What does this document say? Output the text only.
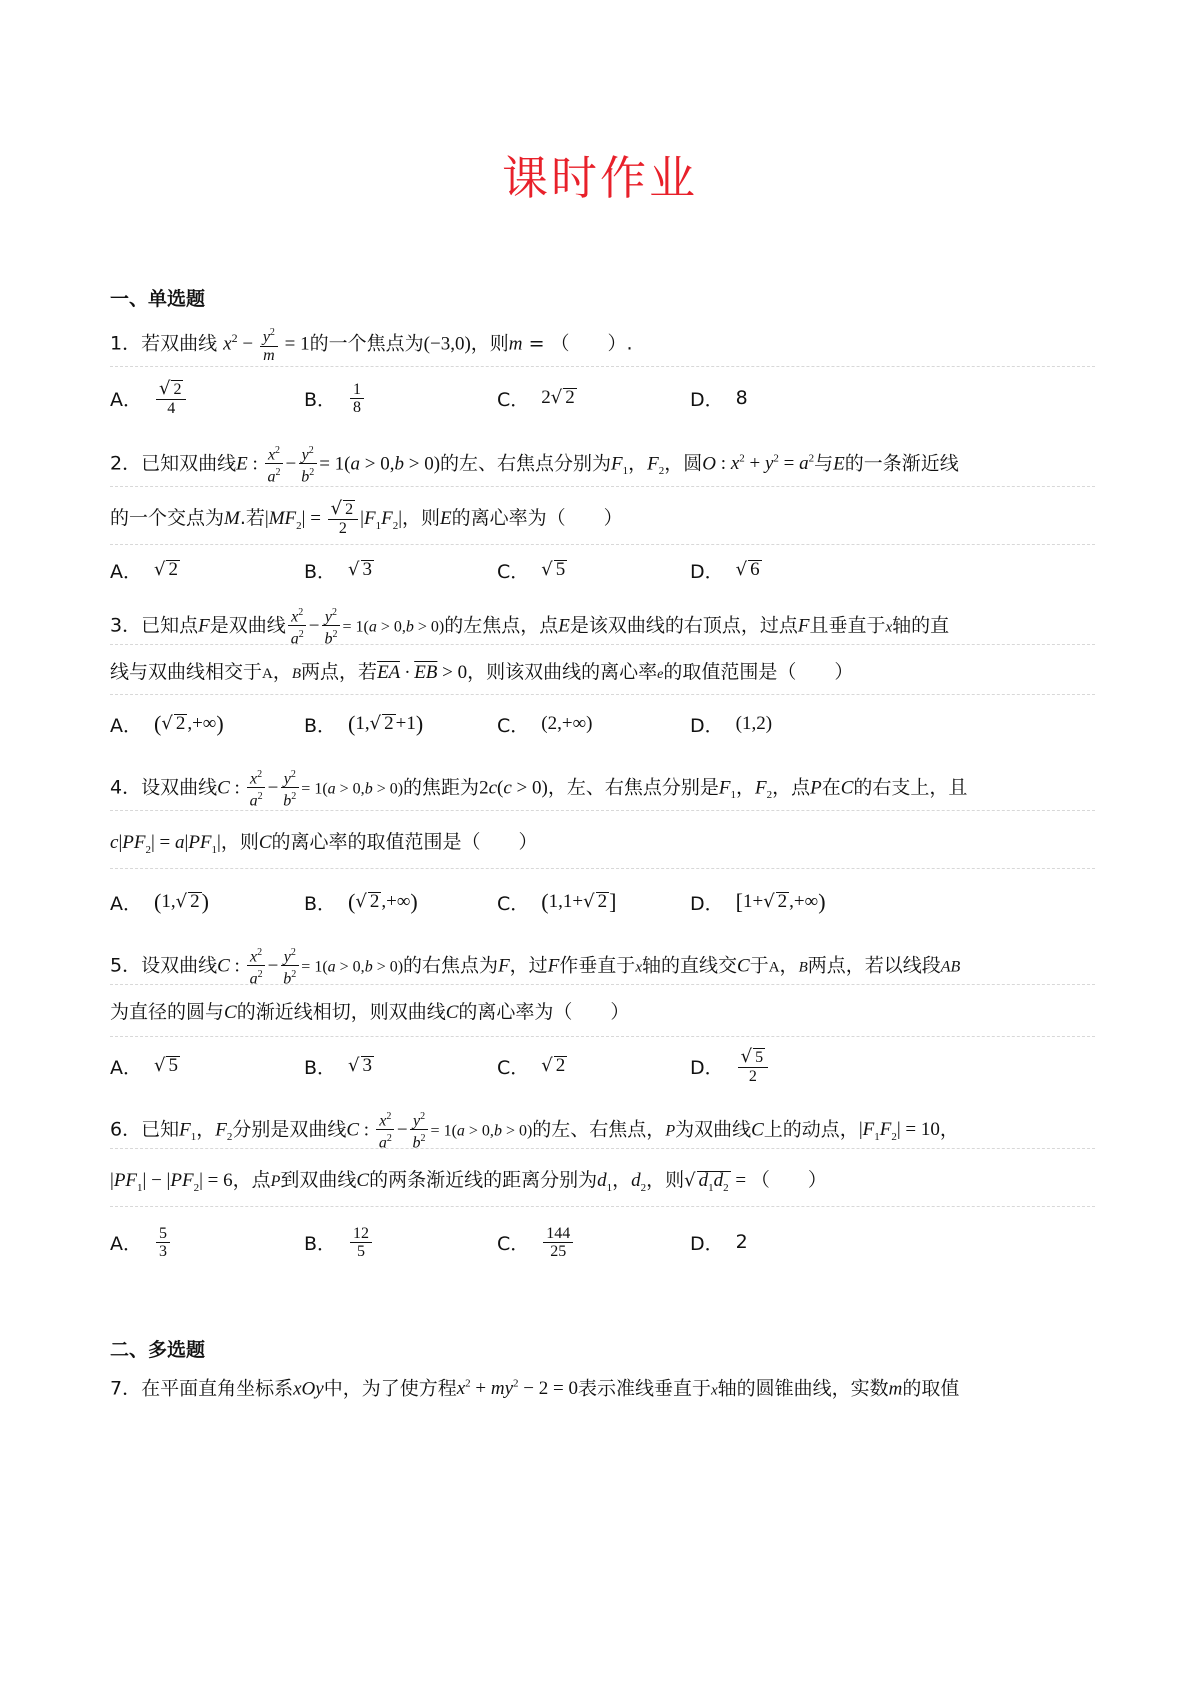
课时作业
一、单选题
1．若双曲线 $x^2 - \frac{y^2}{m} = 1$的一个焦点为(−3,0)，则m = （　　）.
A．
√ 2
4	B． 1
8	C． 2√ 2	D． 8
2．已知双曲线E : $\frac{x^2}{a^2} - \frac{y^2}{b^2} = 1(a > 0,b > 0)$的左、右焦点分别为$F_1$，$F_2$，圆O : $x^2 + y^2 = a^2$与E的一条渐近线
的一个交点为M.若$|MF_2| = \frac{√ 2}{2} |F_1F_2|$，则E的离心率为（　　）
A． √ 2	B． √ 3	C． √ 5	D． √ 6
3．已知点F是双曲线 $\frac{x^2}{a^2} - \frac{y^2}{b^2} = 1(a > 0,b > 0)$的左焦点，点E是该双曲线的右顶点，过点F且垂直于x轴的直
线与双曲线相交于A，B两点，若$\overline{EA} \cdot \overline{EB} > 0$，则该双曲线的离心率e的取值范围是（　　）
A． ( √ 2 ,+∞ )	B． ( 1,√ 2 +1 )	C． (2,+∞)	D． (1,2)
4．设双曲线C : $\frac{x^2}{a^2} - \frac{y^2}{b^2} = 1(a > 0,b > 0)$的焦距为2c(c > 0)，左、右焦点分别是$F_1$，$F_2$，点P在C的右支上，且
$c|PF_2| = a|PF_1|$，则C的离心率的取值范围是（　　）
A． ( 1,√ 2 )	B． ( √ 2 ,+∞ )	C． ( 1,1+√ 2 ]	D． [ 1+√ 2 ,+∞ )
5．设双曲线C : $\frac{x^2}{a^2} - \frac{y^2}{b^2} = 1(a > 0,b > 0)$的右焦点为F，过F作垂直于x轴的直线交C于A，B两点，若以线段AB
为直径的圆与C的渐近线相切，则双曲线C的离心率为（　　）
A． √ 5	B． √ 3	C． √ 2	D．
√ 5
2
6．已知$F_1$，$F_2$分别是双曲线C : $\frac{x^2}{a^2} - \frac{y^2}{b^2} = 1(a > 0,b > 0)$的左、右焦点，P为双曲线C上的动点，$|F_1F_2| = 10$，
$|PF_1| - |PF_2| = 6$，点P到双曲线C的两条渐近线的距离分别为$d_1$，$d_2$，则√ $d_1d_2$ = （　　）
A． 5
3	B． 12
5	C． 144
25	D． 2
二、多选题
7．在平面直角坐标系xOy中，为了使方程$x^2 + my^2 - 2 = 0$表示准线垂直于x轴的圆锥曲线，实数m的取值
